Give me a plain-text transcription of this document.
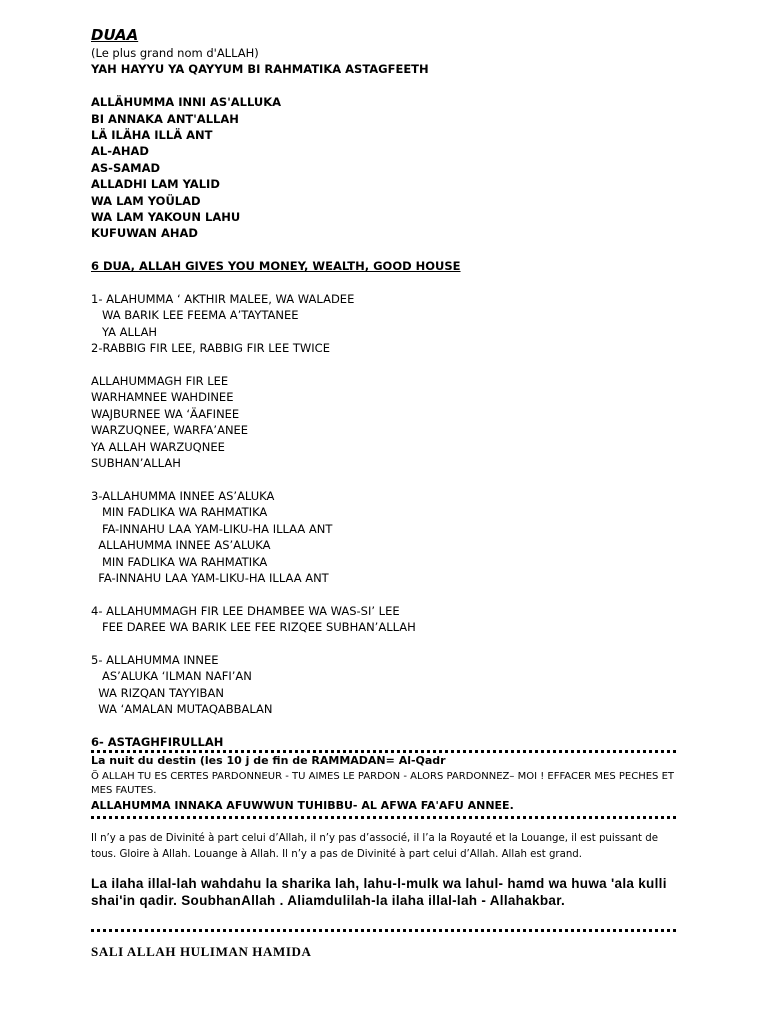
DUAA
(Le plus grand nom d'ALLAH)
YAH HAYYU YA QAYYUM BI RAHMATIKA ASTAGFEETH
ALLÄHUMMA INNI AS'ALLUKA
BI ANNAKA ANT'ALLAH
LÄ ILÄHA ILLÄ ANT
AL-AHAD
AS-SAMAD
ALLADHI LAM YALID
WA LAM YOÜLAD
WA LAM YAKOUN LAHU
KUFUWAN AHAD
6 DUA, ALLAH GIVES YOU MONEY, WEALTH, GOOD HOUSE
1- ALAHUMMA ‘ AKTHIR MALEE, WA WALADEE
WA BARIK LEE FEEMA A’TAYTANEE
YA ALLAH
2-RABBIG FIR LEE, RABBIG FIR LEE TWICE
ALLAHUMMAGH FIR LEE
WARHAMNEE WAHDINEE
WAJBURNEE WA ‘ÄAFINEE
WARZUQNEE, WARFA’ANEE
YA ALLAH WARZUQNEE
SUBHAN’ALLAH
3-ALLAHUMMA INNEE AS’ALUKA
MIN FADLIKA WA RAHMATIKA
FA-INNAHU LAA YAM-LIKU-HA ILLAA ANT
ALLAHUMMA INNEE AS’ALUKA
MIN FADLIKA WA RAHMATIKA
FA-INNAHU LAA YAM-LIKU-HA ILLAA ANT
4- ALLAHUMMAGH FIR LEE DHAMBEE WA WAS-SI’ LEE
FEE DAREE WA BARIK LEE FEE RIZQEE SUBHAN’ALLAH
5- ALLAHUMMA INNEE
AS’ALUKA ‘ILMAN NAFI’AN
WA RIZQAN TAYYIBAN
WA ‘AMALAN MUTAQABBALAN
6- ASTAGHFIRULLAH
La nuit du destin (les 10 j de fin de RAMMADAN= Al-Qadr
Ö ALLAH TU ES CERTES PARDONNEUR - TU AIMES LE PARDON - ALORS PARDONNEZ– MOI ! EFFACER MES PECHES ET MES FAUTES.
ALLAHUMMA INNAKA AFUWWUN TUHIBBU- AL AFWA FA'AFU ANNEE.
Il n’y a pas de Divinité à part celui d’Allah, il n’y pas d’associé, il l’a la Royauté et la Louange, il est puissant de tous. Gloire à Allah. Louange à Allah. Il n’y a pas de Divinité à part celui d’Allah. Allah est grand.
La ilaha illal-lah wahdahu la sharika lah, lahu-l-mulk wa lahul- hamd wa huwa 'ala kulli shai'in qadir. SoubhanAllah . Aliamdulilah-la ilaha illal-lah - Allahakbar.
SALI ALLAH HULIMAN HAMIDA
